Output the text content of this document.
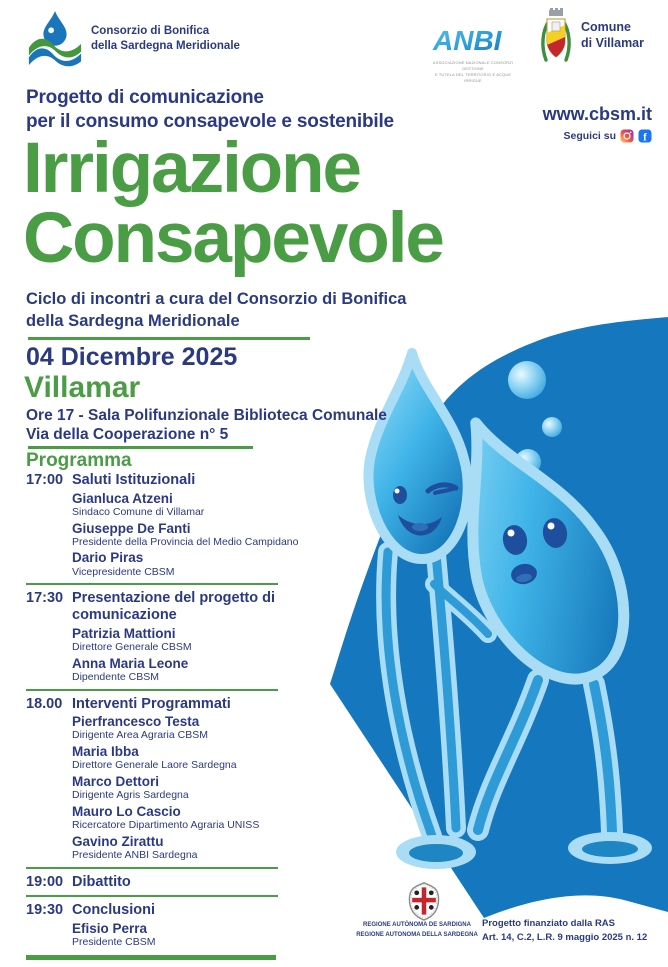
Consorzio di Bonifica
della Sardegna Meridionale	ANBI
ASSOCIAZIONE NAZIONALE CONSORZI GESTIONE
E TUTELA DEL TERRITORIO E ACQUE IRRIGUE
Comune
di Villamar
Progetto di comunicazione
per il consumo consapevole e sostenibile	www.cbsm.it
Seguici su f
Irrigazione
Consapevole
Ciclo di incontri a cura del Consorzio di Bonifica
della Sardegna Meridionale
04 Dicembre 2025
Villamar
Ore 17 - Sala Polifunzionale Biblioteca Comunale
Via della Cooperazione n° 5
Programma
17:00 Saluti Istituzionali
Gianluca Atzeni
Sindaco Comune di Villamar
Giuseppe De Fanti
Presidente della Provincia del Medio Campidano
Dario Piras
Vicepresidente CBSM
17:30 Presentazione del progetto di comunicazione
Patrizia Mattioni
Direttore Generale CBSM
Anna Maria Leone
Dipendente CBSM
18.00 Interventi Programmati
Pierfrancesco Testa
Dirigente Area Agraria CBSM
Maria Ibba
Direttore Generale Laore Sardegna
Marco Dettori
Dirigente Agris Sardegna
Mauro Lo Cascio
Ricercatore Dipartimento Agraria UNISS
Gavino Zirattu
Presidente ANBI Sardegna
19:00 Dibattito
19:30 Conclusioni
Efisio Perra
Presidente CBSM
REGIONE AUTÒNOMA DE SARDIGNA
REGIONE AUTONOMA DELLA SARDEGNA
Progetto finanziato dalla RAS
Art. 14, C.2, L.R. 9 maggio 2025 n. 12
